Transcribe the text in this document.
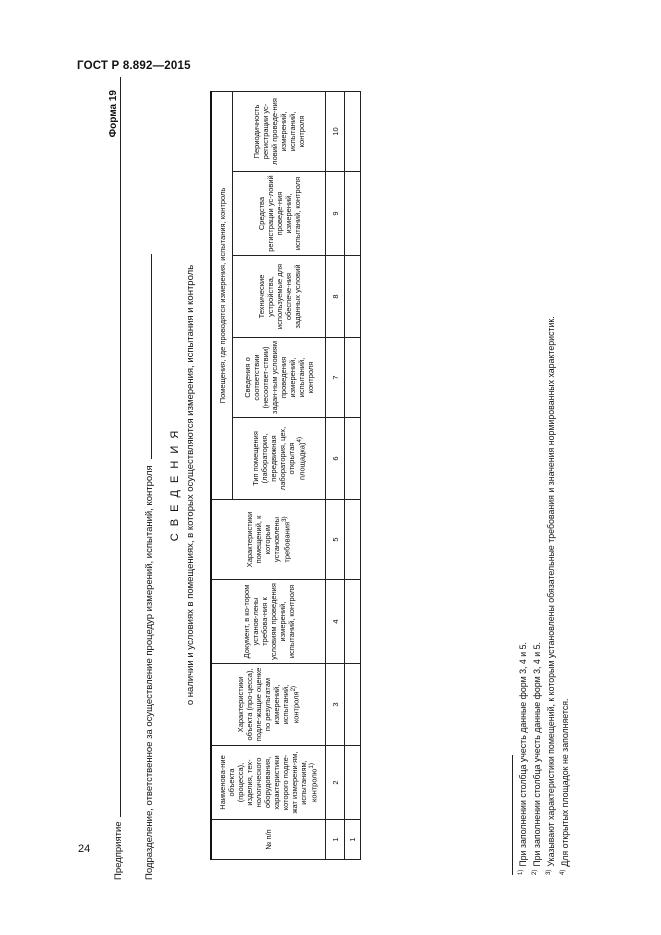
ГОСТ Р 8.892—2015
Форма 19
Предприятие Подразделение, ответственное за осуществление процедур измерений, испытаний, контроля С В Е Д Е Н И Я о наличии и условиях в помещениях, в которых осуществляются измерения, испытания и контроль
№ п/п	Наименова-ние объекта (процесса), изделия, тех-нологического оборудования, характеристики которого подле-жат измерени-ям, испытаниям, контролю$^{1)}$	Характеристики объекта (про-цесса), подле-жащие оценке по результатам измерений, испытаний, контроля$^{2)}$	Документ, в ко-тором установ-лены требова-ния к условиям проведения измерений, испытаний, контроля	Характеристики помещений, к которым установлены требования$^{3)}$	Помещения, где проводятся измерения, испытания, контроль				
					Тип помещения (лаборатория, передвижная лаборатория, цех, открытая площадка)$^{4)}$	Сведения о соответствии (несоответ-ствии) задан-ным условиям проведения измерений, испытаний, контроля	Технические устройства, используемые для обеспече-ния заданных условий	Средства регистрации ус-ловий проведе-ния измерений, испытаний, контроля	Периодичность регистрации ус-ловий проведе-ния измерений, испытаний, контроля
1	2	3	4	5	6	7	8	9	10
1									
$^{1)}$При заполнении столбца учесть данные форм 3, 4 и 5.
$^{2)}$При заполнении столбца учесть данные форм 3, 4 и 5.
$^{3)}$Указывают характеристики помещений, к которым установлены обязательные требования и значения нормированных характеристик.
$^{4)}$Для открытых площадок не заполняется.
24
